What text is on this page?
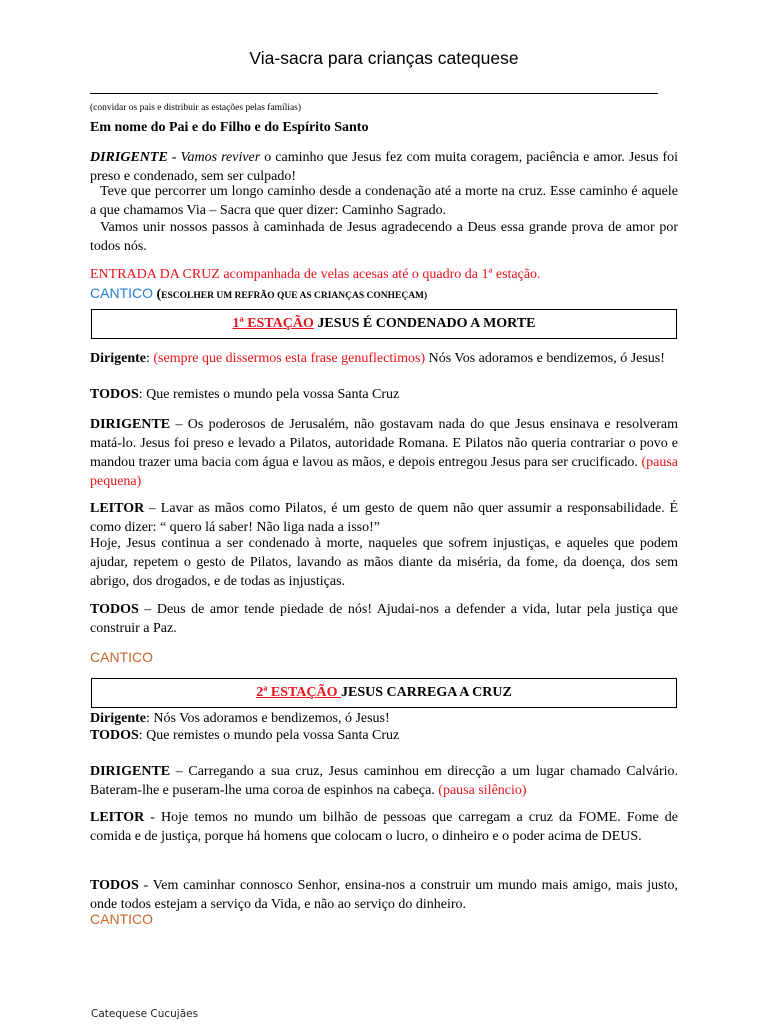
Via-sacra para crianças catequese
(convidar os pais e distribuir as estações pelas famílias)
Em nome do Pai e do Filho e do Espírito Santo
DIRIGENTE - Vamos reviver o caminho que Jesus fez com muita coragem, paciência e amor. Jesus foi preso e condenado, sem ser culpado!
Teve que percorrer um longo caminho desde a condenação até a morte na cruz. Esse caminho é aquele a que chamamos Via – Sacra que quer dizer: Caminho Sagrado.
Vamos unir nossos passos à caminhada de Jesus agradecendo a Deus essa grande prova de amor por todos nós.
ENTRADA DA CRUZ acompanhada de velas acesas até o quadro da 1ª estação.
CANTICO (ESCOLHER UM REFRÃO QUE AS CRIANÇAS CONHEÇAM)
1ª ESTAÇÃO JESUS É CONDENADO A MORTE
Dirigente: (sempre que dissermos esta frase genuflectimos) Nós Vos adoramos e bendizemos, ó Jesus!
TODOS: Que remistes o mundo pela vossa Santa Cruz
DIRIGENTE – Os poderosos de Jerusalém, não gostavam nada do que Jesus ensinava e resolveram matá-lo. Jesus foi preso e levado a Pilatos, autoridade Romana. E Pilatos não queria contrariar o povo e mandou trazer uma bacia com água e lavou as mãos, e depois entregou Jesus para ser crucificado. (pausa pequena)
LEITOR – Lavar as mãos como Pilatos, é um gesto de quem não quer assumir a responsabilidade. É como dizer: “ quero lá saber! Não liga nada a isso!”
Hoje, Jesus continua a ser condenado à morte, naqueles que sofrem injustiças, e aqueles que podem ajudar, repetem o gesto de Pilatos, lavando as mãos diante da miséria, da fome, da doença, dos sem abrigo, dos drogados, e de todas as injustiças.
TODOS – Deus de amor tende piedade de nós! Ajudai-nos a defender a vida, lutar pela justiça que construir a Paz.
CANTICO
2ª ESTAÇÃO JESUS CARREGA A CRUZ
Dirigente: Nós Vos adoramos e bendizemos, ó Jesus!
TODOS: Que remistes o mundo pela vossa Santa Cruz
DIRIGENTE – Carregando a sua cruz, Jesus caminhou em direcção a um lugar chamado Calvário. Bateram-lhe e puseram-lhe uma coroa de espinhos na cabeça. (pausa silêncio)
LEITOR - Hoje temos no mundo um bilhão de pessoas que carregam a cruz da FOME. Fome de comida e de justiça, porque há homens que colocam o lucro, o dinheiro e o poder acima de DEUS.
TODOS - Vem caminhar connosco Senhor, ensina-nos a construir um mundo mais amigo, mais justo, onde todos estejam a serviço da Vida, e não ao serviço do dinheiro.
CANTICO
Catequese Cucujães
